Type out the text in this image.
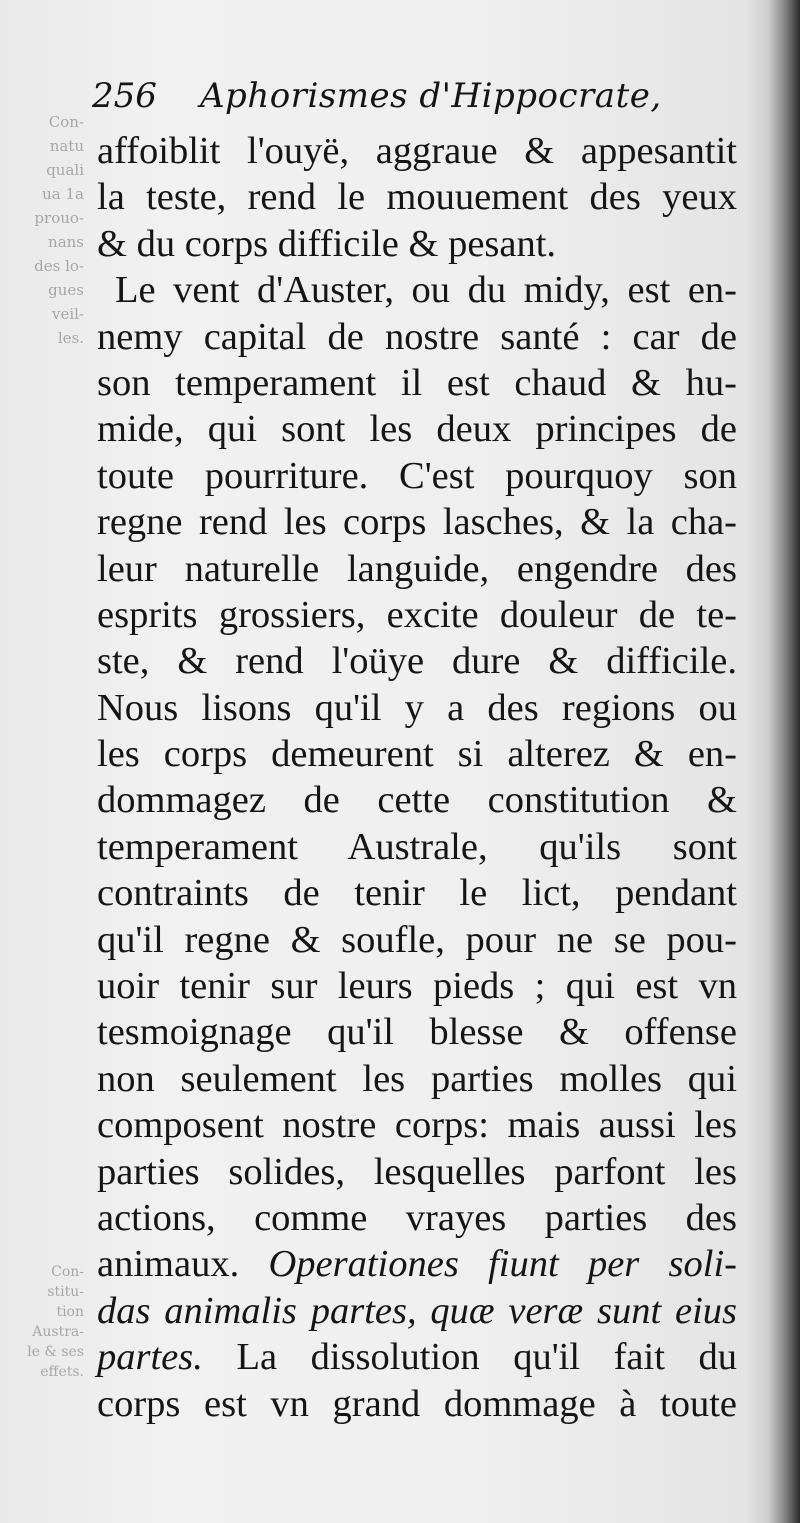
Con-
natu
quali
ua 1a
prouo-
nans
des lo-
gues
veil-
les.
Con-
stitu-
tion
Austra-
le & ses
effets.
256 Aphorismes d'Hippocrate,
affoiblit l'ouyë, aggraue & appesantit
la teste, rend le mouuement des yeux
& du corps difficile & pesant.
Le vent d'Auster, ou du midy, est en-
nemy capital de nostre santé : car de
son temperament il est chaud & hu-
mide, qui sont les deux principes de
toute pourriture. C'est pourquoy son
regne rend les corps lasches, & la cha-
leur naturelle languide, engendre des
esprits grossiers, excite douleur de te-
ste, & rend l'oüye dure & difficile.
Nous lisons qu'il y a des regions ou
les corps demeurent si alterez & en-
dommagez de cette constitution &
temperament Australe, qu'ils sont
contraints de tenir le lict, pendant
qu'il regne & soufle, pour ne se pou-
uoir tenir sur leurs pieds ; qui est vn
tesmoignage qu'il blesse & offense
non seulement les parties molles qui
composent nostre corps: mais aussi les
parties solides, lesquelles parfont les
actions, comme vrayes parties des
animaux. Operationes fiunt per soli-
das animalis partes, quæ veræ sunt eius
partes. La dissolution qu'il fait du
corps est vn grand dommage à toute
